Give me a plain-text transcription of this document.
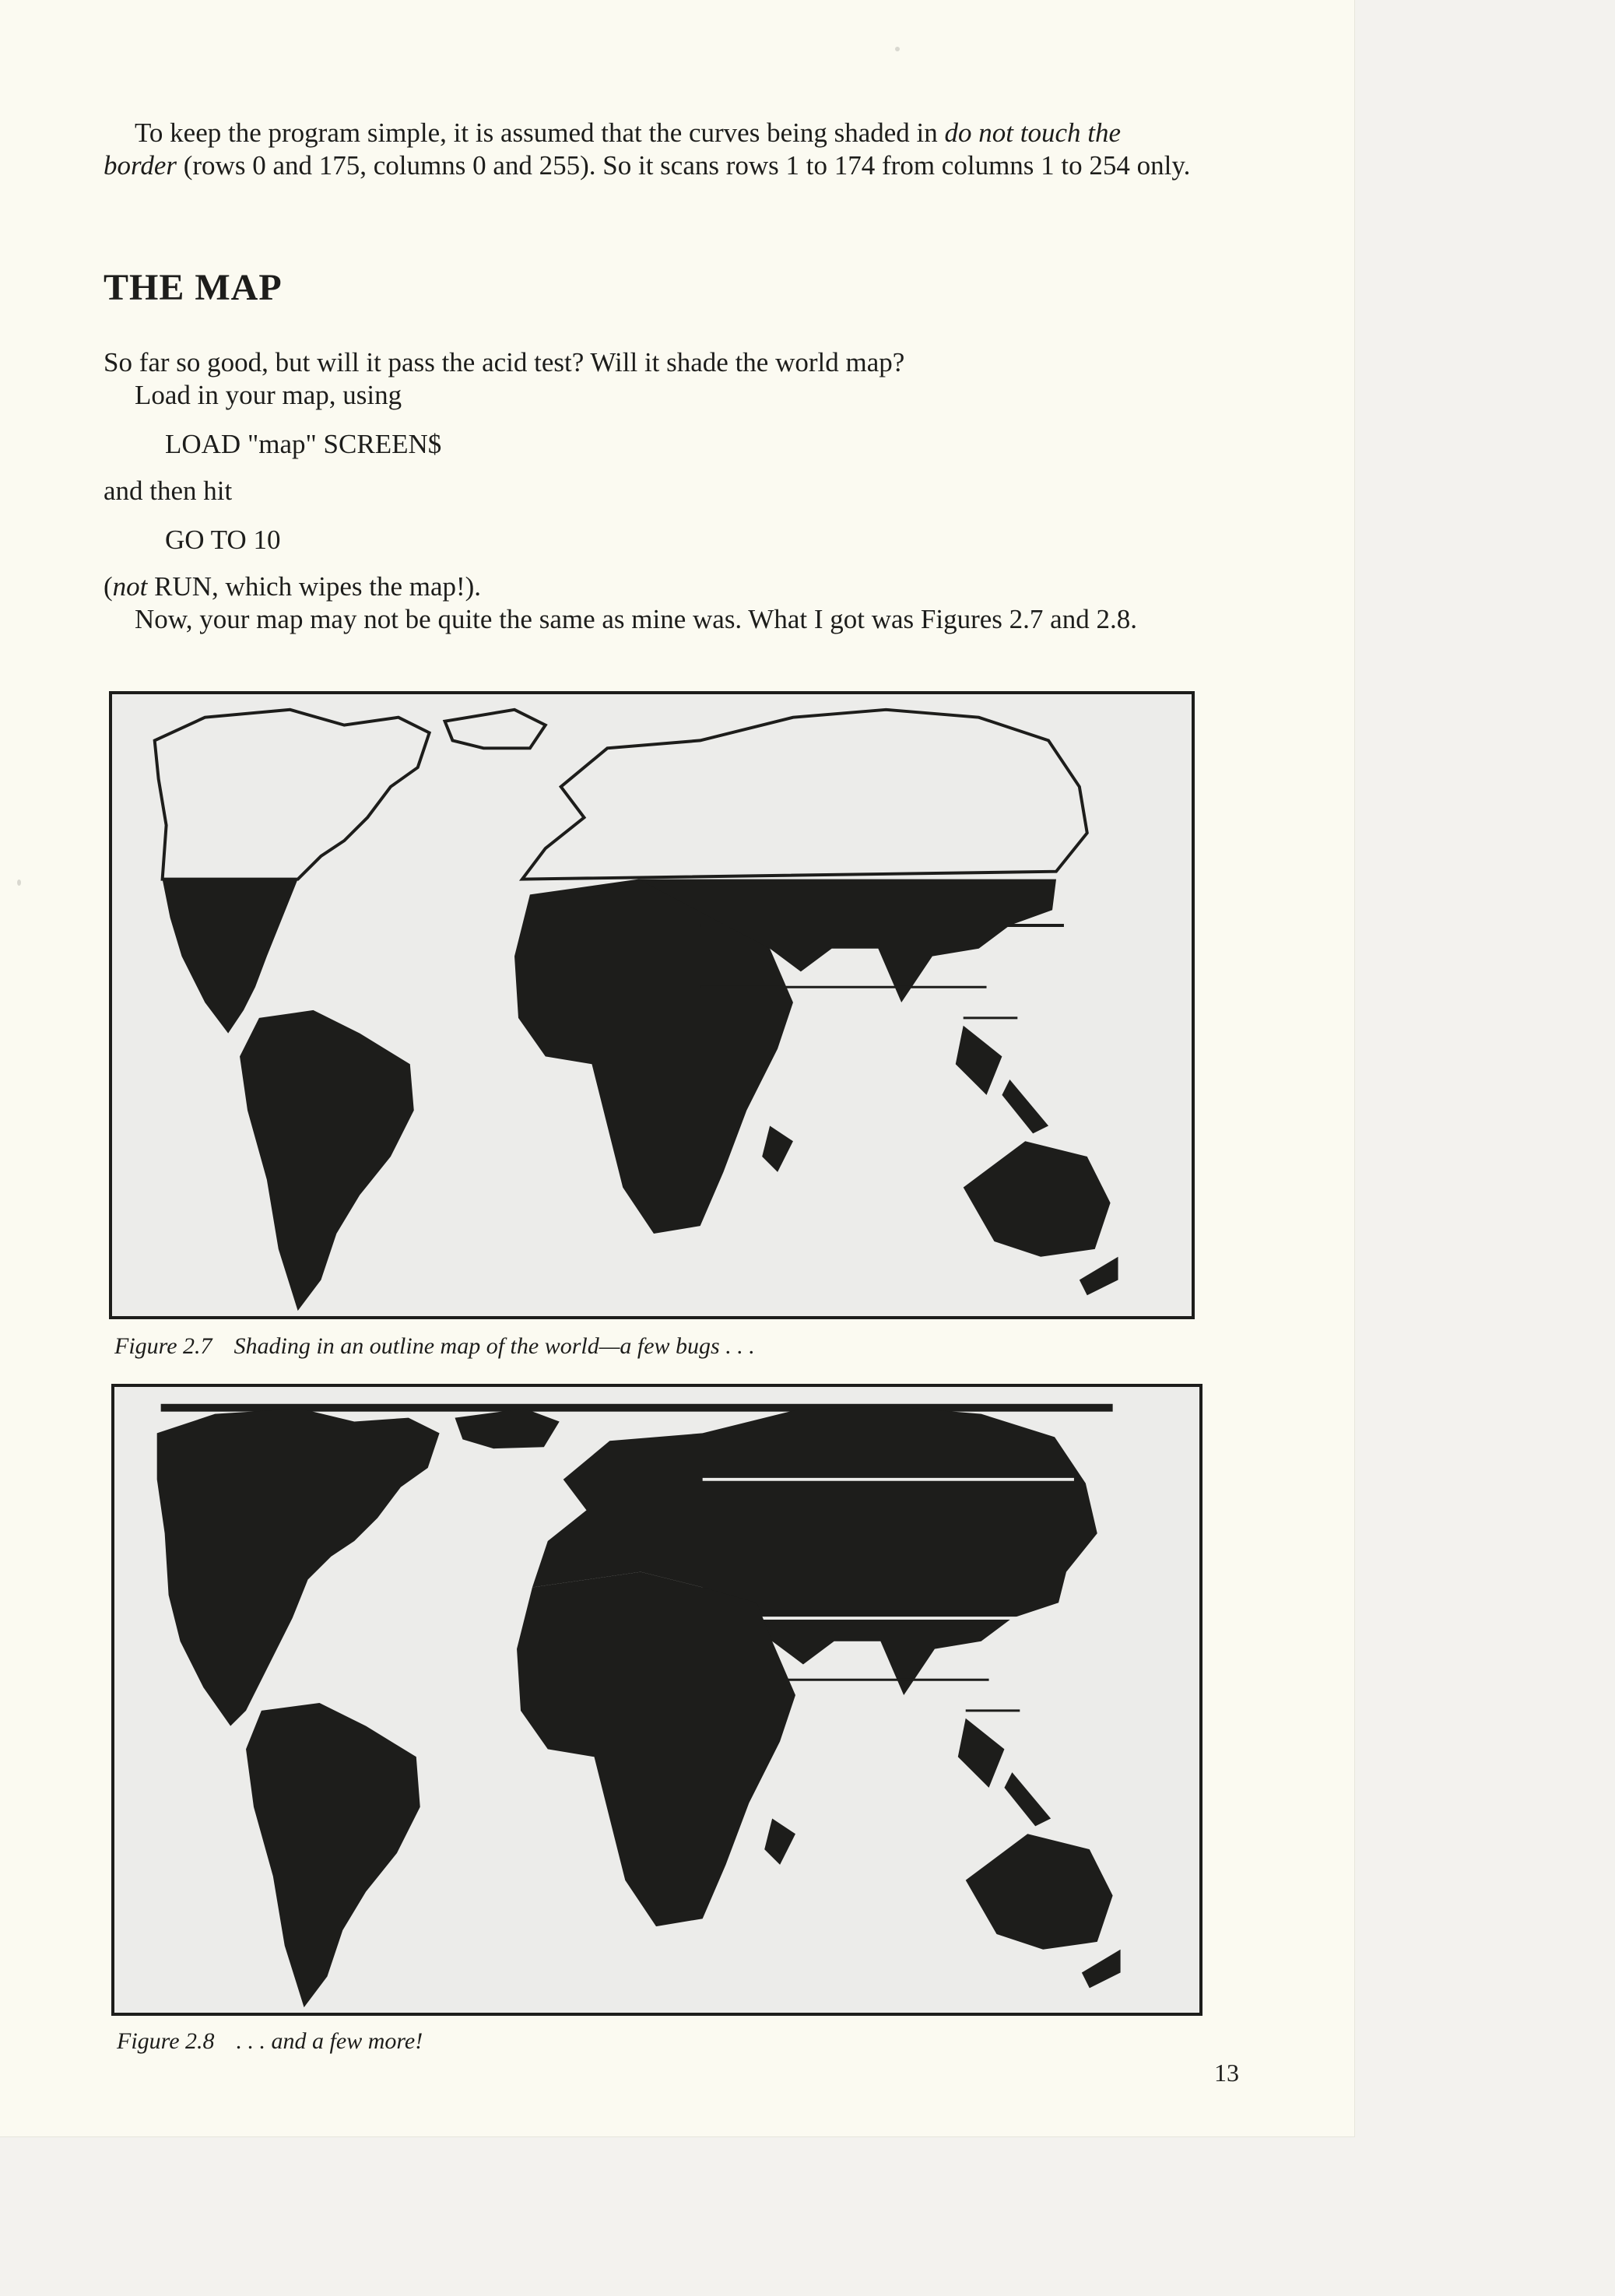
To keep the program simple, it is assumed that the curves being shaded in do not touch the border (rows 0 and 175, columns 0 and 255). So it scans rows 1 to 174 from columns 1 to 254 only.

THE MAP

So far so good, but will it pass the acid test? Will it shade the world map?

Load in your map, using

LOAD "map" SCREEN$

and then hit

GO TO 10

(not RUN, which wipes the map!).

Now, your map may not be quite the same as mine was. What I got was Figures 2.7 and 2.8.

Figure 2.7 Shading in an outline map of the world—a few bugs . . .
Figure 2.8 . . . and a few more!
13
